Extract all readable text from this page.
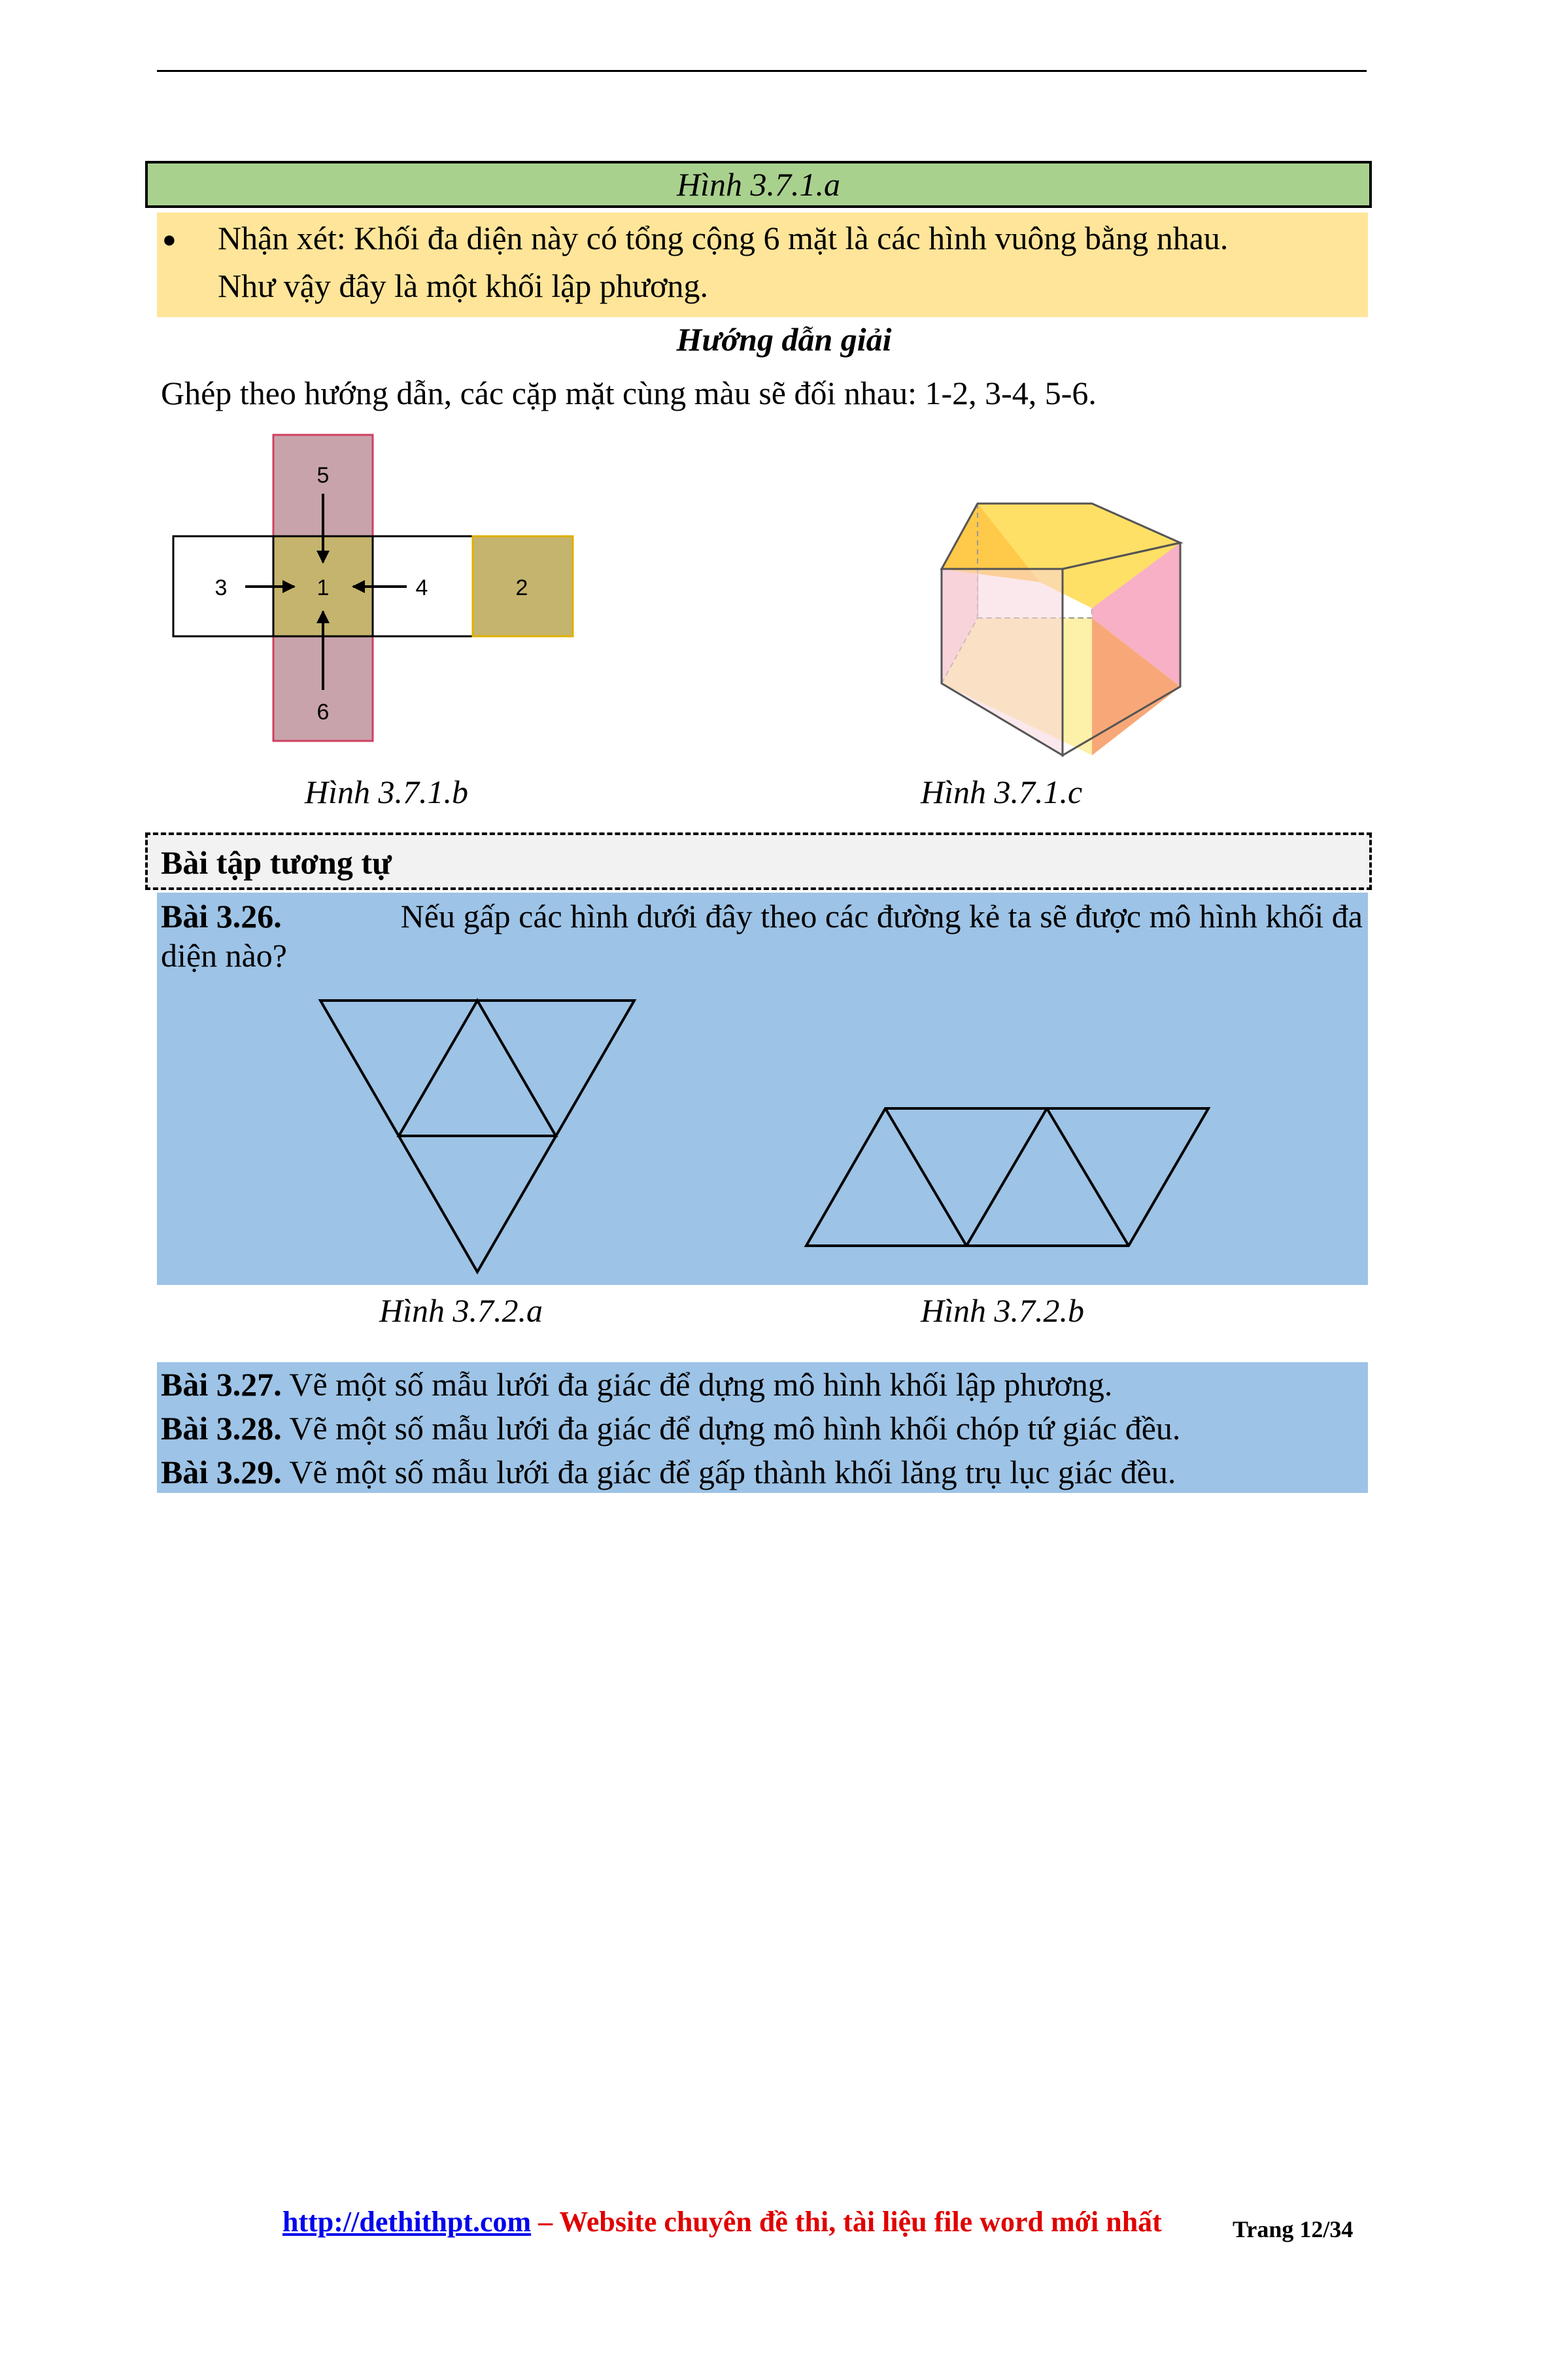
Hình 3.7.1.a
● Nhận xét: Khối đa diện này có tổng cộng 6 mặt là các hình vuông bằng nhau.
Như vậy đây là một khối lập phương.
Hướng dẫn giải
Ghép theo hướng dẫn, các cặp mặt cùng màu sẽ đối nhau: 1-2, 3-4, 5-6.
5
6
1
3	4	2
Hình 3.7.1.b	Hình 3.7.1.c
Bài tập tương tự
Bài 3.26.	Nếu gấp các hình dưới đây theo các đường kẻ ta sẽ được mô hình khối đa
diện nào?
Hình 3.7.2.a	Hình 3.7.2.b
Bài 3.27. Vẽ một số mẫu lưới đa giác để dựng mô hình khối lập phương.
Bài 3.28. Vẽ một số mẫu lưới đa giác để dựng mô hình khối chóp tứ giác đều.
Bài 3.29. Vẽ một số mẫu lưới đa giác để gấp thành khối lăng trụ lục giác đều.
http://dethithpt.com – Website chuyên đề thi, tài liệu file word mới nhất	Trang 12/34
